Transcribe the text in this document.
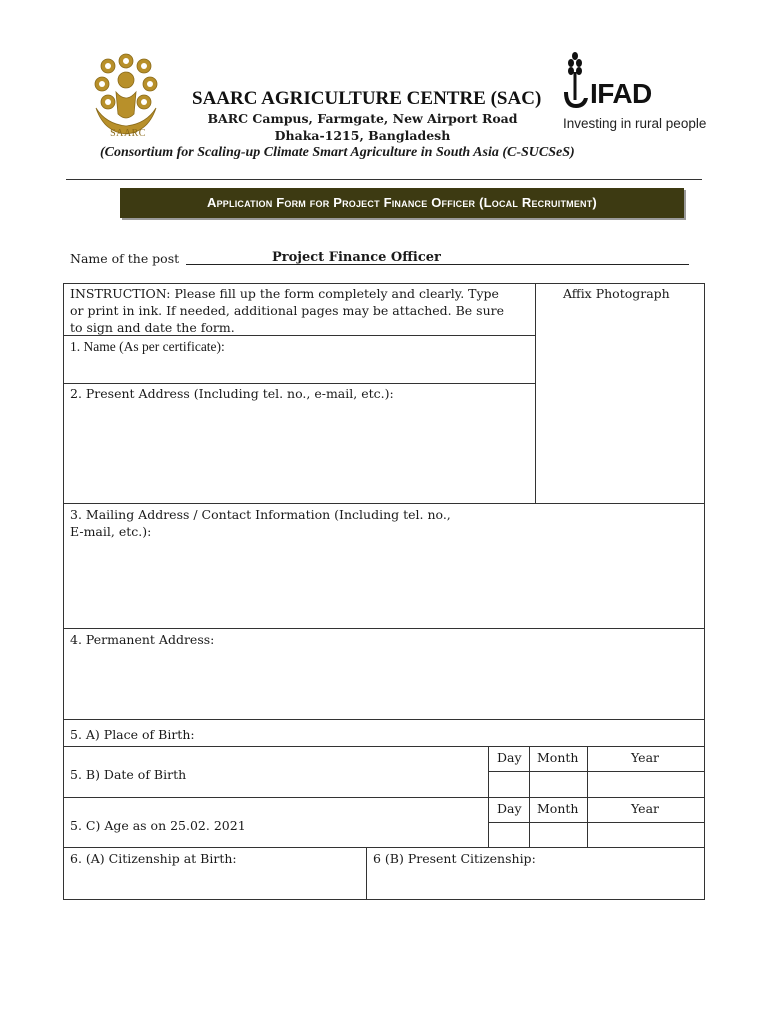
SAARC
SAARC AGRICULTURE CENTRE (SAC)
BARC Campus, Farmgate, New Airport Road
Dhaka-1215, Bangladesh
(Consortium for Scaling-up Climate Smart Agriculture in South Asia (C-SUCSeS)
IFAD
Investing in rural people
Application Form for Project Finance Officer (Local Recruitment)
Name of the post	Project Finance Officer
INSTRUCTION: Please fill up the form completely and clearly. Type
or print in ink. If needed, additional pages may be attached. Be sure
to sign and date the form.
Affix Photograph
1. Name (As per certificate):
2. Present Address (Including tel. no., e-mail, etc.):
3. Mailing Address / Contact Information (Including tel. no.,
E-mail, etc.):
4. Permanent Address:
5. A) Place of Birth:
5. B) Date of Birth
Day Month	Year
5. C) Age as on 25.02. 2021
Day Month	Year
6. (A) Citizenship at Birth:	6 (B) Present Citizenship:
